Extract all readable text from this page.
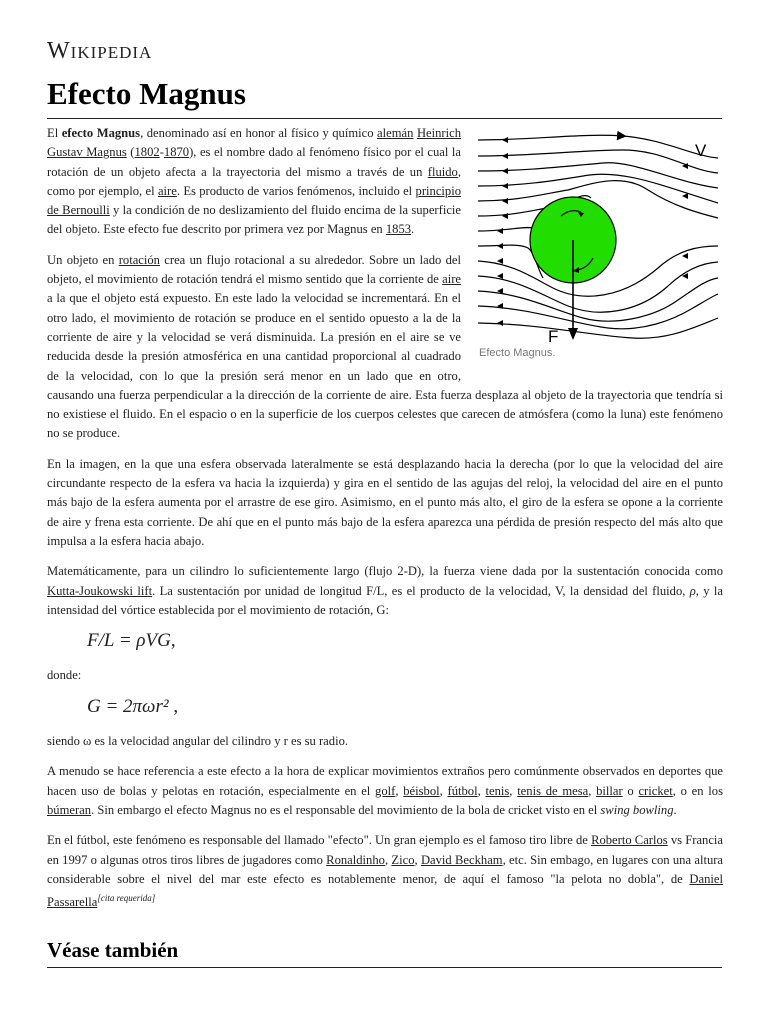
Wikipedia
Efecto Magnus
V
F
Efecto Magnus.

El efecto Magnus, denominado así en honor al físico y químico alemán Heinrich Gustav Magnus (1802-1870), es el nombre dado al fenómeno físico por el cual la rotación de un objeto afecta a la trayectoria del mismo a través de un fluido, como por ejemplo, el aire. Es producto de varios fenómenos, incluido el principio de Bernoulli y la condición de no deslizamiento del fluido encima de la superficie del objeto. Este efecto fue descrito por primera vez por Magnus en 1853.

Un objeto en rotación crea un flujo rotacional a su alrededor. Sobre un lado del objeto, el movimiento de rotación tendrá el mismo sentido que la corriente de aire a la que el objeto está expuesto. En este lado la velocidad se incrementará. En el otro lado, el movimiento de rotación se produce en el sentido opuesto a la de la corriente de aire y la velocidad se verá disminuida. La presión en el aire se ve reducida desde la presión atmosférica en una cantidad proporcional al cuadrado de la velocidad, con lo que la presión será menor en un lado que en otro, causando una fuerza perpendicular a la dirección de la corriente de aire. Esta fuerza desplaza al objeto de la trayectoria que tendría si no existiese el fluido. En el espacio o en la superficie de los cuerpos celestes que carecen de atmósfera (como la luna) este fenómeno no se produce.

En la imagen, en la que una esfera observada lateralmente se está desplazando hacia la derecha (por lo que la velocidad del aire circundante respecto de la esfera va hacia la izquierda) y gira en el sentido de las agujas del reloj, la velocidad del aire en el punto más bajo de la esfera aumenta por el arrastre de ese giro. Asimismo, en el punto más alto, el giro de la esfera se opone a la corriente de aire y frena esta corriente. De ahí que en el punto más bajo de la esfera aparezca una pérdida de presión respecto del más alto que impulsa a la esfera hacia abajo.

Matemáticamente, para un cilindro lo suficientemente largo (flujo 2-D), la fuerza viene dada por la sustentación conocida como Kutta-Joukowski lift. La sustentación por unidad de longitud F/L, es el producto de la velocidad, V, la densidad del fluido, ρ, y la intensidad del vórtice establecida por el movimiento de rotación, G:

F/L = ρVG,

donde:

G = 2πωr² ,

siendo ω es la velocidad angular del cilindro y r es su radio.

A menudo se hace referencia a este efecto a la hora de explicar movimientos extraños pero comúnmente observados en deportes que hacen uso de bolas y pelotas en rotación, especialmente en el golf, béisbol, fútbol, tenis, tenis de mesa, billar o cricket, o en los búmeran. Sin embargo el efecto Magnus no es el responsable del movimiento de la bola de cricket visto en el swing bowling.

En el fútbol, este fenómeno es responsable del llamado "efecto". Un gran ejemplo es el famoso tiro libre de Roberto Carlos vs Francia en 1997 o algunas otros tiros libres de jugadores como Ronaldinho, Zico, David Beckham, etc. Sin embago, en lugares con una altura considerable sobre el nivel del mar este efecto es notablemente menor, de aquí el famoso "la pelota no dobla", de Daniel Passarella[cita requerida]

Véase también
